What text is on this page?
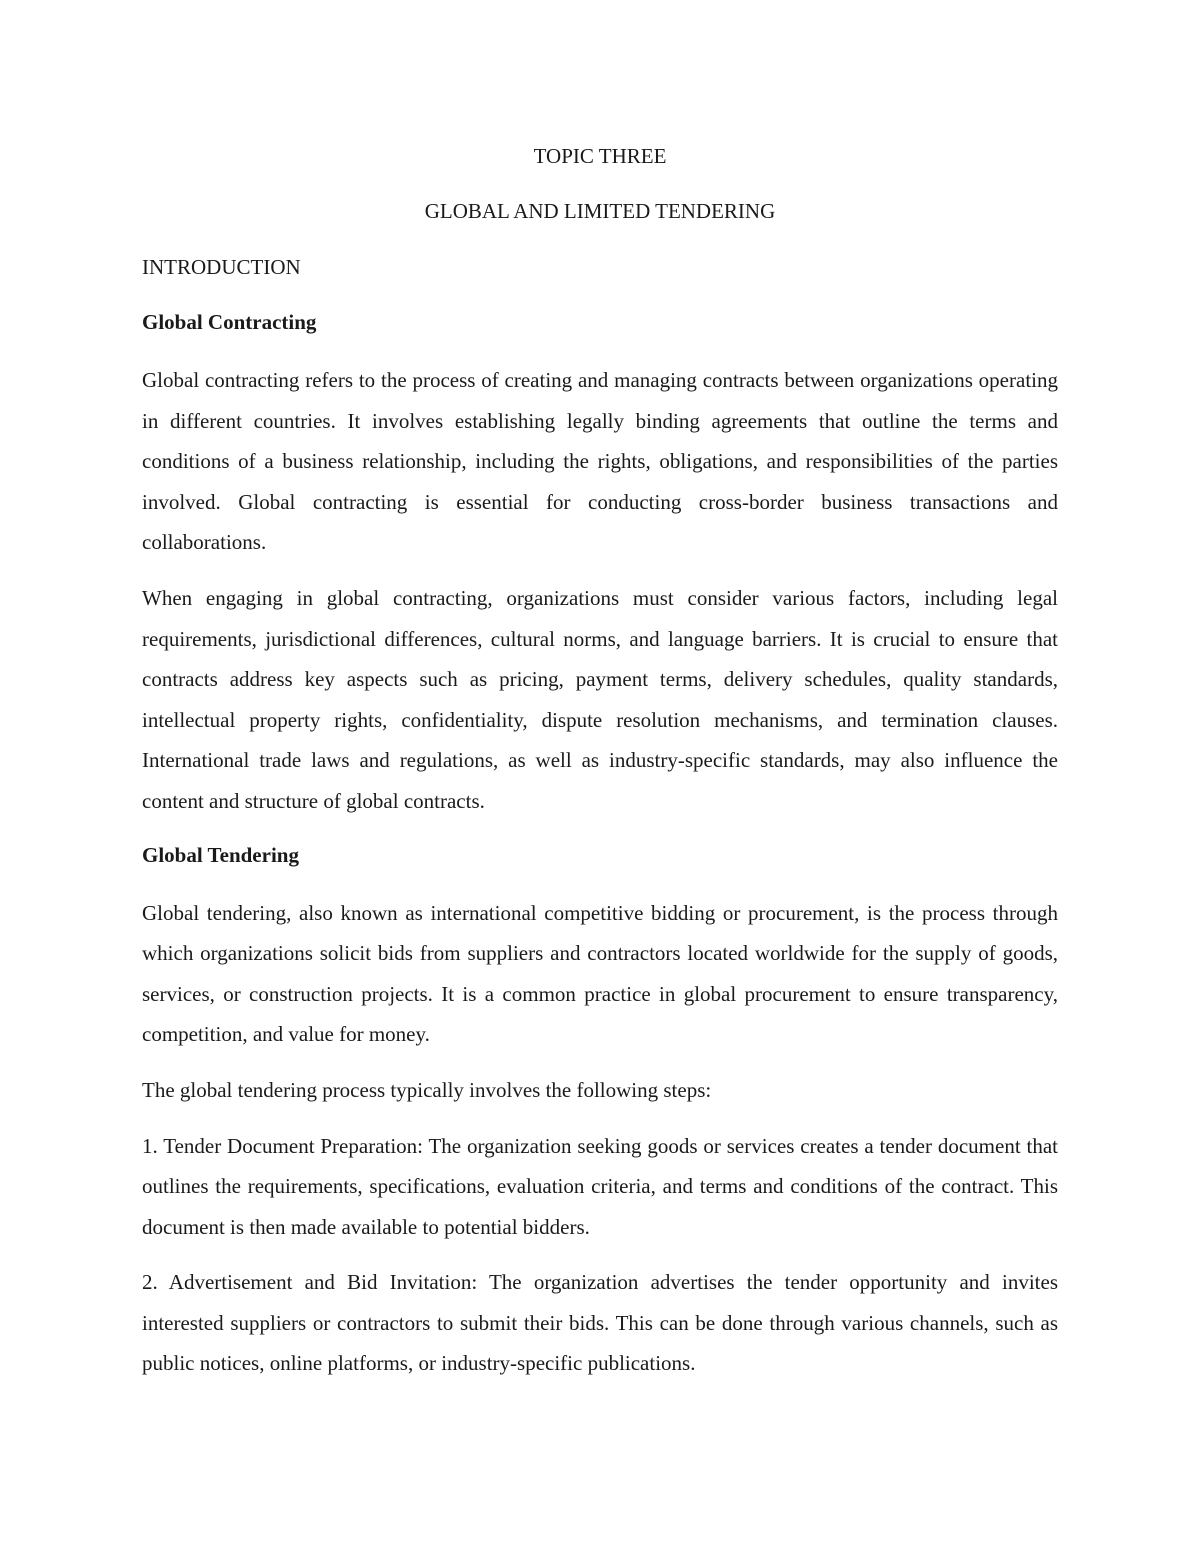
TOPIC THREE
GLOBAL AND LIMITED TENDERING
INTRODUCTION
Global Contracting

Global contracting refers to the process of creating and managing contracts between organizations operating in different countries. It involves establishing legally binding agreements that outline the terms and conditions of a business relationship, including the rights, obligations, and responsibilities of the parties involved. Global contracting is essential for conducting cross-border business transactions and collaborations.

When engaging in global contracting, organizations must consider various factors, including legal requirements, jurisdictional differences, cultural norms, and language barriers. It is crucial to ensure that contracts address key aspects such as pricing, payment terms, delivery schedules, quality standards, intellectual property rights, confidentiality, dispute resolution mechanisms, and termination clauses. International trade laws and regulations, as well as industry-specific standards, may also influence the content and structure of global contracts.

Global Tendering

Global tendering, also known as international competitive bidding or procurement, is the process through which organizations solicit bids from suppliers and contractors located worldwide for the supply of goods, services, or construction projects. It is a common practice in global procurement to ensure transparency, competition, and value for money.

The global tendering process typically involves the following steps:

1. Tender Document Preparation: The organization seeking goods or services creates a tender document that outlines the requirements, specifications, evaluation criteria, and terms and conditions of the contract. This document is then made available to potential bidders.

2. Advertisement and Bid Invitation: The organization advertises the tender opportunity and invites interested suppliers or contractors to submit their bids. This can be done through various channels, such as public notices, online platforms, or industry-specific publications.
